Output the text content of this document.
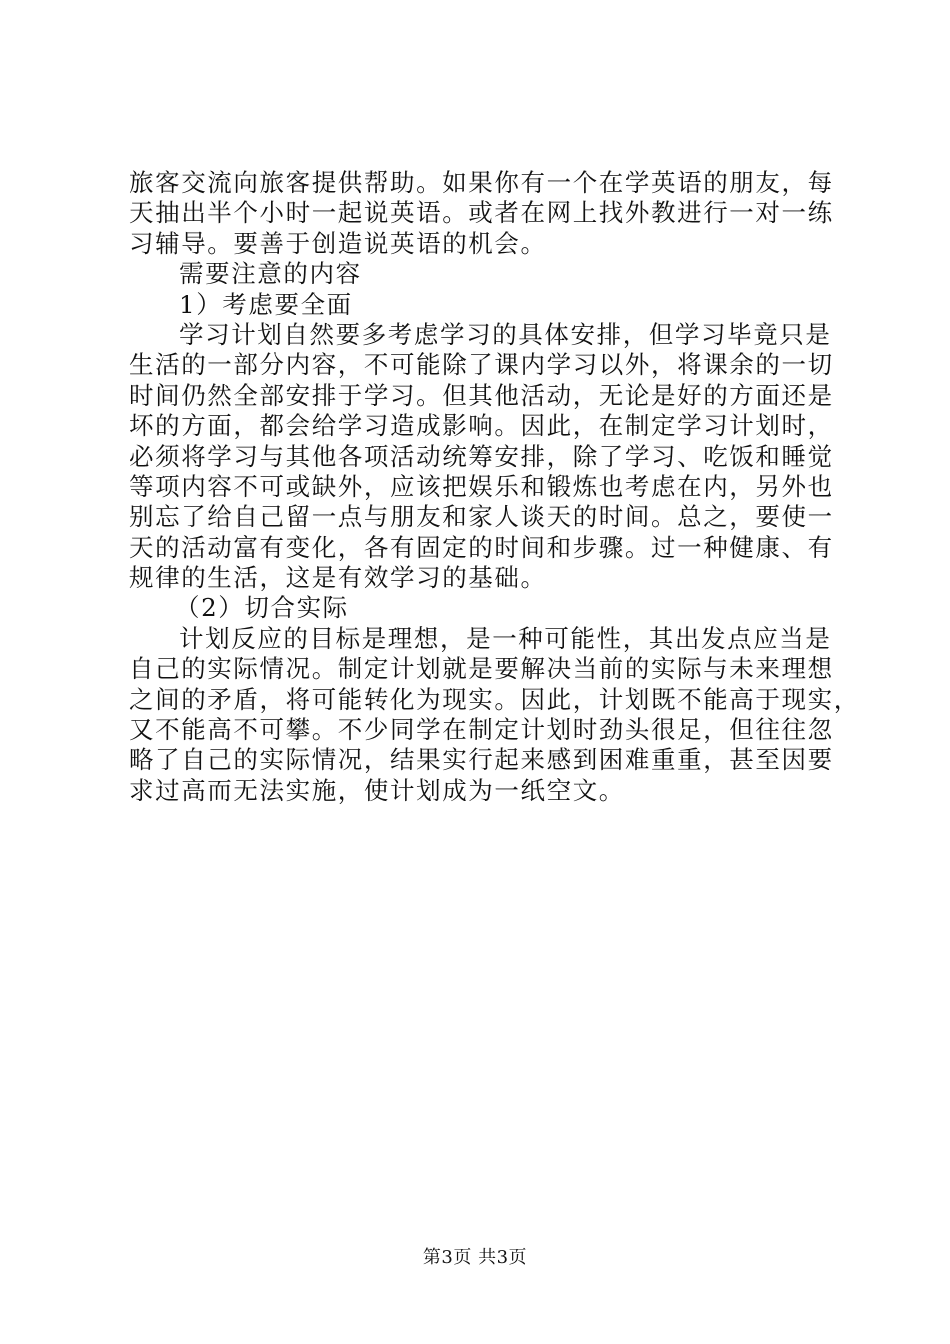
旅客交流向旅客提供帮助。如果你有一个在学英语的朋友，每
天抽出半个小时一起说英语。或者在网上找外教进行一对一练
习辅导。要善于创造说英语的机会。
需要注意的内容
1）考虑要全面
学习计划自然要多考虑学习的具体安排，但学习毕竟只是
生活的一部分内容，不可能除了课内学习以外，将课余的一切
时间仍然全部安排于学习。但其他活动，无论是好的方面还是
坏的方面，都会给学习造成影响。因此，在制定学习计划时，
必须将学习与其他各项活动统筹安排，除了学习、吃饭和睡觉
等项内容不可或缺外，应该把娱乐和锻炼也考虑在内，另外也
别忘了给自己留一点与朋友和家人谈天的时间。总之，要使一
天的活动富有变化，各有固定的时间和步骤。过一种健康、有
规律的生活，这是有效学习的基础。
（2）切合实际
计划反应的目标是理想，是一种可能性，其出发点应当是
自己的实际情况。制定计划就是要解决当前的实际与未来理想
之间的矛盾，将可能转化为现实。因此，计划既不能高于现实，
又不能高不可攀。不少同学在制定计划时劲头很足，但往往忽
略了自己的实际情况，结果实行起来感到困难重重，甚至因要
求过高而无法实施，使计划成为一纸空文。
第3页 共3页
